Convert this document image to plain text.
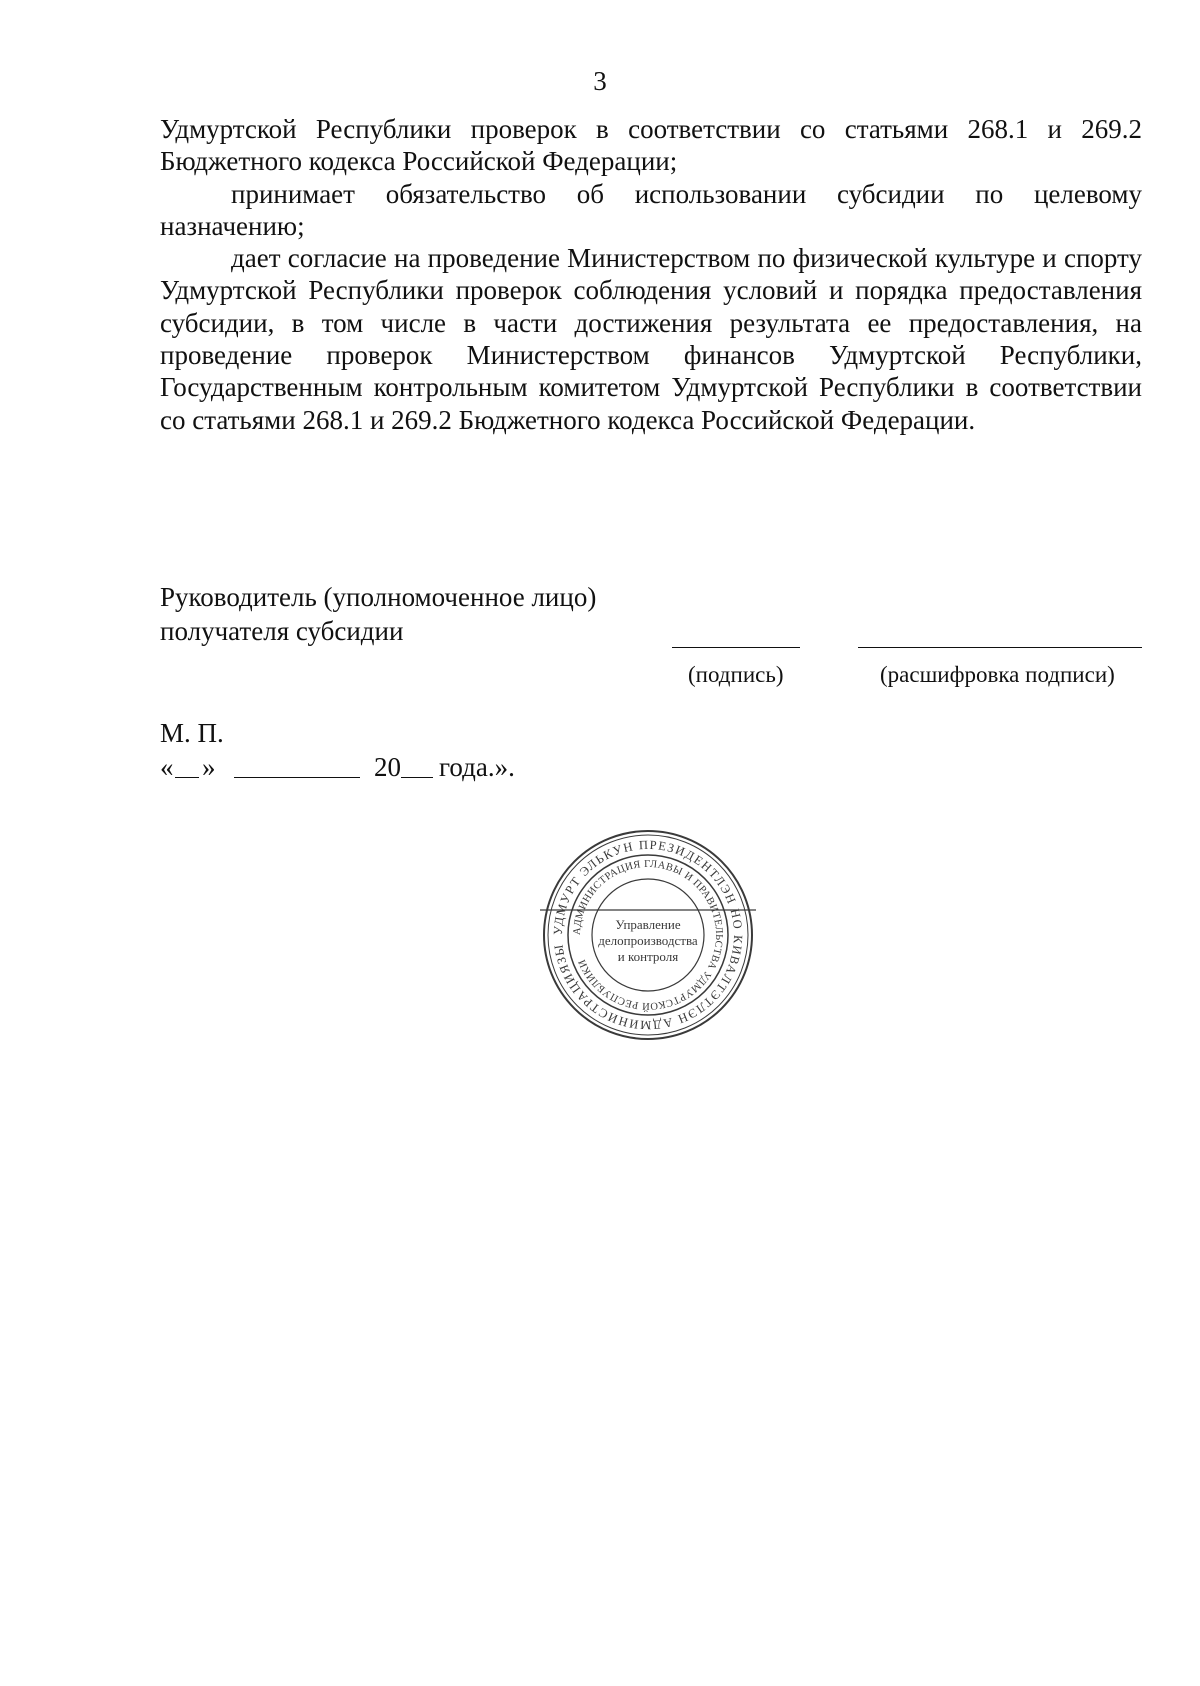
3

Удмуртской Республики проверок в соответствии со статьями 268.1 и 269.2 Бюджетного кодекса Российской Федерации;

принимает обязательство об использовании субсидии по целевому назначению;

дает согласие на проведение Министерством по физической культуре и спорту Удмуртской Республики проверок соблюдения условий и порядка предоставления субсидии, в том числе в части достижения результата ее предоставления, на проведение проверок Министерством финансов Удмуртской Республики, Государственным контрольным комитетом Удмуртской Республики в соответствии со статьями 268.1 и 269.2 Бюджетного кодекса Российской Федерации.

Руководитель (уполномоченное лицо)
получателя субсидии
(подпись)	(расшифровка подписи)
М. П.
« »	20 года.».
УДМУРТ ЭЛЬКУН ПРЕЗИДЕНТЛЭН НО КИВАЛТЭТЛЭН АДМИНИСТРАЦИЯЗЫ
АДМИНИСТРАЦИЯ ГЛАВЫ И ПРАВИТЕЛЬСТВА УДМУРТСКОЙ РЕСПУБЛИКИ
Управление
делопроизводства
и контроля
